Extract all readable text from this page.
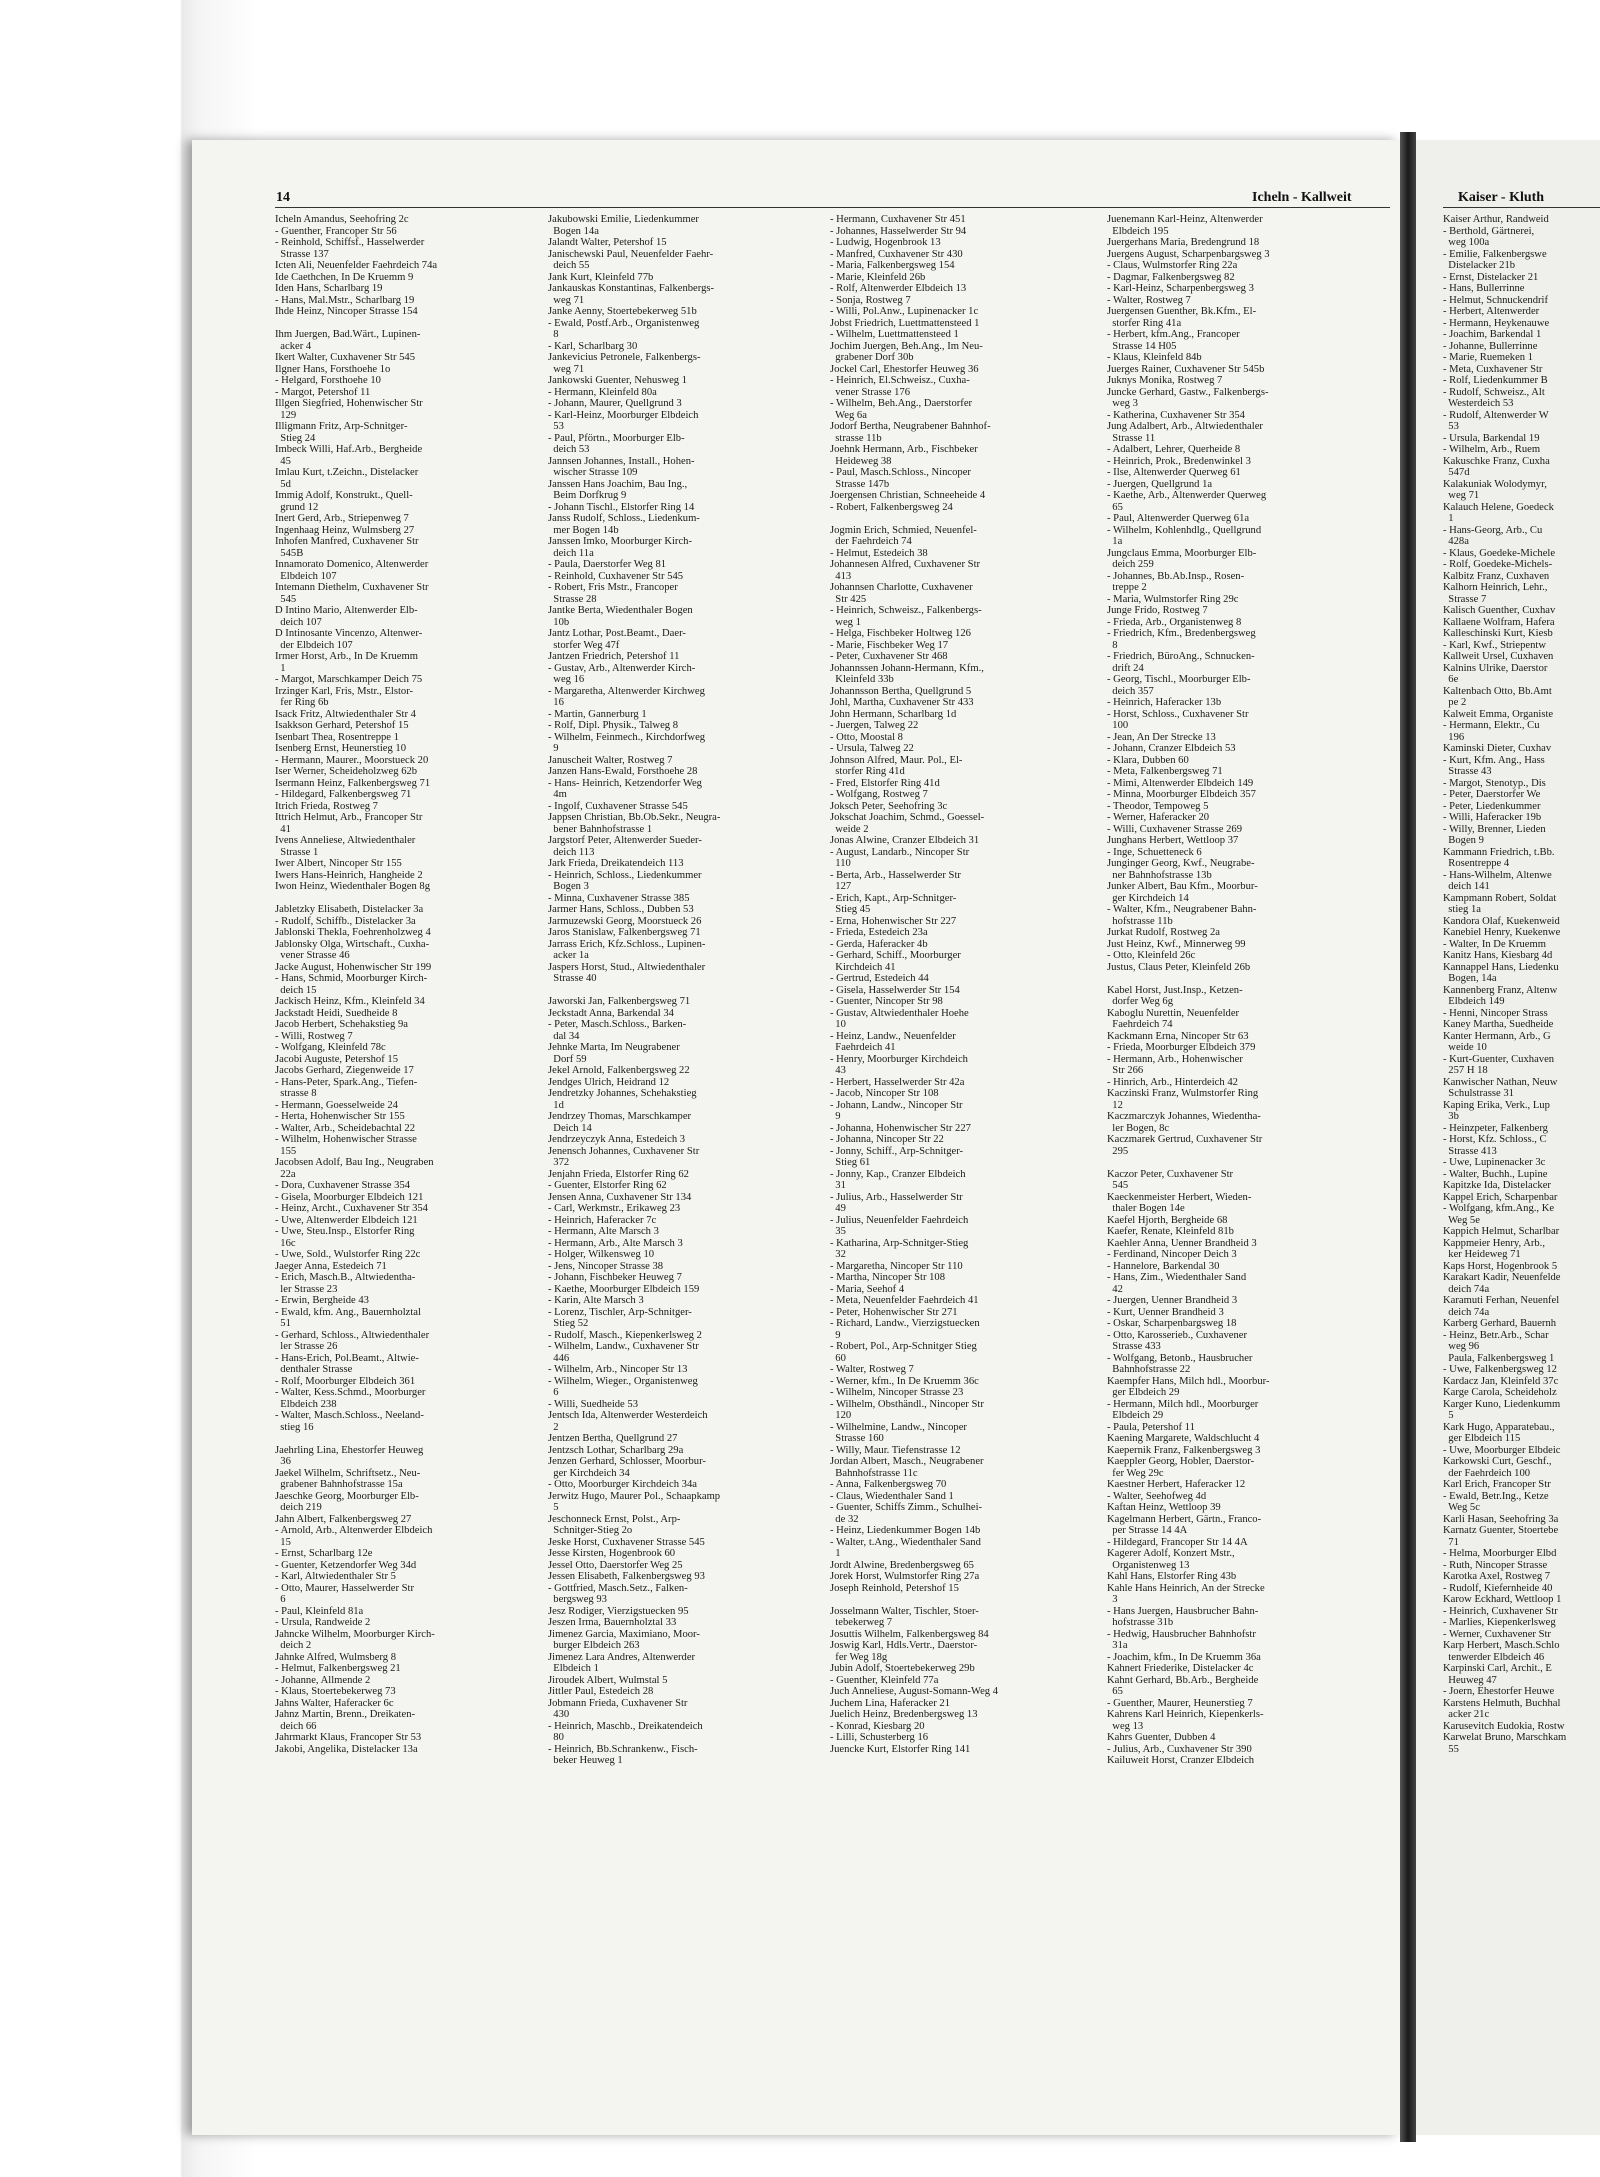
14	Icheln - Kallweit	Kaiser - Kluth
Icheln Amandus, Seehofring 2c
- Guenther, Francoper Str 56
- Reinhold, Schiffsf., Hasselwerder
Strasse 137
Icten Ali, Neuenfelder Faehrdeich 74a
Ide Caethchen, In De Kruemm 9
Iden Hans, Scharlbarg 19
- Hans, Mal.Mstr., Scharlbarg 19
Ihde Heinz, Nincoper Strasse 154
Ihm Juergen, Bad.Wärt., Lupinen-
acker 4
Ikert Walter, Cuxhavener Str 545
Ilgner Hans, Forsthoehe 1o
- Helgard, Forsthoehe 10
- Margot, Petershof 11
Illgen Siegfried, Hohenwischer Str
129
Illigmann Fritz, Arp-Schnitger-
Stieg 24
Imbeck Willi, Haf.Arb., Bergheide
45
Imlau Kurt, t.Zeichn., Distelacker
5d
Immig Adolf, Konstrukt., Quell-
grund 12
Inert Gerd, Arb., Striepenweg 7
Ingenhaag Heinz, Wulmsberg 27
Inhofen Manfred, Cuxhavener Str
545B
Innamorato Domenico, Altenwerder
Elbdeich 107
Intemann Diethelm, Cuxhavener Str
545
D Intino Mario, Altenwerder Elb-
deich 107
D Intinosante Vincenzo, Altenwer-
der Elbdeich 107
Irmer Horst, Arb., In De Kruemm
1
- Margot, Marschkamper Deich 75
Irzinger Karl, Fris, Mstr., Elstor-
fer Ring 6b
Isack Fritz, Altwiedenthaler Str 4
Isakkson Gerhard, Petershof 15
Isenbart Thea, Rosentreppe 1
Isenberg Ernst, Heunerstieg 10
- Hermann, Maurer., Moorstueck 20
Iser Werner, Scheideholzweg 62b
Isermann Heinz, Falkenbergsweg 71
- Hildegard, Falkenbergsweg 71
Itrich Frieda, Rostweg 7
Ittrich Helmut, Arb., Francoper Str
41
Ivens Anneliese, Altwiedenthaler
Strasse 1
Iwer Albert, Nincoper Str 155
Iwers Hans-Heinrich, Hangheide 2
Iwon Heinz, Wiedenthaler Bogen 8g
Jabletzky Elisabeth, Distelacker 3a
- Rudolf, Schiffb., Distelacker 3a
Jablonski Thekla, Foehrenholzweg 4
Jablonsky Olga, Wirtschaft., Cuxha-
vener Strasse 46
Jacke August, Hohenwischer Str 199
- Hans, Schmid, Moorburger Kirch-
deich 15
Jackisch Heinz, Kfm., Kleinfeld 34
Jackstadt Heidi, Suedheide 8
Jacob Herbert, Schehakstieg 9a
- Willi, Rostweg 7
- Wolfgang, Kleinfeld 78c
Jacobi Auguste, Petershof 15
Jacobs Gerhard, Ziegenweide 17
- Hans-Peter, Spark.Ang., Tiefen-
strasse 8
- Hermann, Goesselweide 24
- Herta, Hohenwischer Str 155
- Walter, Arb., Scheidebachtal 22
- Wilhelm, Hohenwischer Strasse
155
Jacobsen Adolf, Bau Ing., Neugraben
22a
- Dora, Cuxhavener Strasse 354
- Gisela, Moorburger Elbdeich 121
- Heinz, Archt., Cuxhavener Str 354
- Uwe, Altenwerder Elbdeich 121
- Uwe, Steu.Insp., Elstorfer Ring
16c
- Uwe, Sold., Wulstorfer Ring 22c
Jaeger Anna, Estedeich 71
- Erich, Masch.B., Altwiedentha-
ler Strasse 23
- Erwin, Bergheide 43
- Ewald, kfm. Ang., Bauernholztal
51
- Gerhard, Schloss., Altwiedenthaler
ler Strasse 26
- Hans-Erich, Pol.Beamt., Altwie-
denthaler Strasse
- Rolf, Moorburger Elbdeich 361
- Walter, Kess.Schmd., Moorburger
Elbdeich 238
- Walter, Masch.Schloss., Neeland-
stieg 16
Jaehrling Lina, Ehestorfer Heuweg
36
Jaekel Wilhelm, Schriftsetz., Neu-
grabener Bahnhofstrasse 15a
Jaeschke Georg, Moorburger Elb-
deich 219
Jahn Albert, Falkenbergsweg 27
- Arnold, Arb., Altenwerder Elbdeich
15
- Ernst, Scharlbarg 12e
- Guenter, Ketzendorfer Weg 34d
- Karl, Altwiedenthaler Str 5
- Otto, Maurer, Hasselwerder Str
6
- Paul, Kleinfeld 81a
- Ursula, Randweide 2
Jahncke Wilhelm, Moorburger Kirch-
deich 2
Jahnke Alfred, Wulmsberg 8
- Helmut, Falkenbergsweg 21
- Johanne, Allmende 2
- Klaus, Stoertebekerweg 73
Jahns Walter, Haferacker 6c
Jahnz Martin, Brenn., Dreikaten-
deich 66
Jahrmarkt Klaus, Francoper Str 53
Jakobi, Angelika, Distelacker 13a
Jakubowski Emilie, Liedenkummer
Bogen 14a
Jalandt Walter, Petershof 15
Janischewski Paul, Neuenfelder Faehr-
deich 55
Jank Kurt, Kleinfeld 77b
Jankauskas Konstantinas, Falkenbergs-
weg 71
Janke Aenny, Stoertebekerweg 51b
- Ewald, Postf.Arb., Organistenweg
8
- Karl, Scharlbarg 30
Jankevicius Petronele, Falkenbergs-
weg 71
Jankowski Guenter, Nehusweg 1
- Hermann, Kleinfeld 80a
- Johann, Maurer, Quellgrund 3
- Karl-Heinz, Moorburger Elbdeich
53
- Paul, Pförtn., Moorburger Elb-
deich 53
Jannsen Johannes, Install., Hohen-
wischer Strasse 109
Janssen Hans Joachim, Bau Ing.,
Beim Dorfkrug 9
- Johann Tischl., Elstorfer Ring 14
Janss Rudolf, Schloss., Liedenkum-
mer Bogen 14b
Janssen Imko, Moorburger Kirch-
deich 11a
- Paula, Daerstorfer Weg 81
- Reinhold, Cuxhavener Str 545
- Robert, Fris Mstr., Francoper
Strasse 28
Jantke Berta, Wiedenthaler Bogen
10b
Jantz Lothar, Post.Beamt., Daer-
storfer Weg 47f
Jantzen Friedrich, Petershof 11
- Gustav, Arb., Altenwerder Kirch-
weg 16
- Margaretha, Altenwerder Kirchweg
16
- Martin, Gannerburg 1
- Rolf, Dipl. Physik., Talweg 8
- Wilhelm, Feinmech., Kirchdorfweg
9
Januscheit Walter, Rostweg 7
Janzen Hans-Ewald, Forsthoehe 28
- Hans- Heinrich, Ketzendorfer Weg
4m
- Ingolf, Cuxhavener Strasse 545
Jappsen Christian, Bb.Ob.Sekr., Neugra-
bener Bahnhofstrasse 1
Jargstorf Peter, Altenwerder Sueder-
deich 113
Jark Frieda, Dreikatendeich 113
- Heinrich, Schloss., Liedenkummer
Bogen 3
- Minna, Cuxhavener Strasse 385
Jarmer Hans, Schloss., Dubben 53
Jarmuzewski Georg, Moorstueck 26
Jaros Stanislaw, Falkenbergsweg 71
Jarrass Erich, Kfz.Schloss., Lupinen-
acker 1a
Jaspers Horst, Stud., Altwiedenthaler
Strasse 40
Jaworski Jan, Falkenbergsweg 71
Jeckstadt Anna, Barkendal 34
- Peter, Masch.Schloss., Barken-
dal 34
Jehnke Marta, Im Neugrabener
Dorf 59
Jekel Arnold, Falkenbergsweg 22
Jendges Ulrich, Heidrand 12
Jendretzky Johannes, Schehakstieg
1d
Jendrzey Thomas, Marschkamper
Deich 14
Jendrzeyczyk Anna, Estedeich 3
Jenensch Johannes, Cuxhavener Str
372
Jenjahn Frieda, Elstorfer Ring 62
- Guenter, Elstorfer Ring 62
Jensen Anna, Cuxhavener Str 134
- Carl, Werkmstr., Erikaweg 23
- Heinrich, Haferacker 7c
- Hermann, Alte Marsch 3
- Hermann, Arb., Alte Marsch 3
- Holger, Wilkensweg 10
- Jens, Nincoper Strasse 38
- Johann, Fischbeker Heuweg 7
- Kaethe, Moorburger Elbdeich 159
- Karin, Alte Marsch 3
- Lorenz, Tischler, Arp-Schnitger-
Stieg 52
- Rudolf, Masch., Kiepenkerlsweg 2
- Wilhelm, Landw., Cuxhavener Str
446
- Wilhelm, Arb., Nincoper Str 13
- Wilhelm, Wieger., Organistenweg
6
- Willi, Suedheide 53
Jentsch Ida, Altenwerder Westerdeich
2
Jentzen Bertha, Quellgrund 27
Jentzsch Lothar, Scharlbarg 29a
Jenzen Gerhard, Schlosser, Moorbur-
ger Kirchdeich 34
- Otto, Moorburger Kirchdeich 34a
Jerwitz Hugo, Maurer Pol., Schaapkamp
5
Jeschonneck Ernst, Polst., Arp-
Schnitger-Stieg 2o
Jeske Horst, Cuxhavener Strasse 545
Jesse Kirsten, Hogenbrook 60
Jessel Otto, Daerstorfer Weg 25
Jessen Elisabeth, Falkenbergsweg 93
- Gottfried, Masch.Setz., Falken-
bergsweg 93
Jesz Rodiger, Vierzigstuecken 95
Jeszen Irma, Bauernholztal 33
Jimenez Garcia, Maximiano, Moor-
burger Elbdeich 263
Jimenez Lara Andres, Altenwerder
Elbdeich 1
Jiroudek Albert, Wulmstal 5
Jittler Paul, Estedeich 28
Jobmann Frieda, Cuxhavener Str
430
- Heinrich, Maschb., Dreikatendeich
80
- Heinrich, Bb.Schrankenw., Fisch-
beker Heuweg 1
- Hermann, Cuxhavener Str 451
- Johannes, Hasselwerder Str 94
- Ludwig, Hogenbrook 13
- Manfred, Cuxhavener Str 430
- Maria, Falkenbergsweg 154
- Marie, Kleinfeld 26b
- Rolf, Altenwerder Elbdeich 13
- Sonja, Rostweg 7
- Willi, Pol.Anw., Lupinenacker 1c
Jobst Friedrich, Luettmattensteed 1
- Wilhelm, Luettmattensteed 1
Jochim Juergen, Beh.Ang., Im Neu-
grabener Dorf 30b
Jockel Carl, Ehestorfer Heuweg 36
- Heinrich, El.Schweisz., Cuxha-
vener Strasse 176
- Wilhelm, Beh.Ang., Daerstorfer
Weg 6a
Jodorf Bertha, Neugrabener Bahnhof-
strasse 11b
Joehnk Hermann, Arb., Fischbeker
Heideweg 38
- Paul, Masch.Schloss., Nincoper
Strasse 147b
Joergensen Christian, Schneeheide 4
- Robert, Falkenbergsweg 24
Jogmin Erich, Schmied, Neuenfel-
der Faehrdeich 74
- Helmut, Estedeich 38
Johannesen Alfred, Cuxhavener Str
413
Johannsen Charlotte, Cuxhavener
Str 425
- Heinrich, Schweisz., Falkenbergs-
weg 1
- Helga, Fischbeker Holtweg 126
- Marie, Fischbeker Weg 17
- Peter, Cuxhavener Str 468
Johannssen Johann-Hermann, Kfm.,
Kleinfeld 33b
Johannsson Bertha, Quellgrund 5
Johl, Martha, Cuxhavener Str 433
John Hermann, Scharlbarg 1d
- Juergen, Talweg 22
- Otto, Moostal 8
- Ursula, Talweg 22
Johnson Alfred, Maur. Pol., El-
storfer Ring 41d
- Fred, Elstorfer Ring 41d
- Wolfgang, Rostweg 7
Joksch Peter, Seehofring 3c
Jokschat Joachim, Schmd., Goessel-
weide 2
Jonas Alwine, Cranzer Elbdeich 31
- August, Landarb., Nincoper Str
110
- Berta, Arb., Hasselwerder Str
127
- Erich, Kapt., Arp-Schnitger-
Stieg 45
- Erna, Hohenwischer Str 227
- Frieda, Estedeich 23a
- Gerda, Haferacker 4b
- Gerhard, Schiff., Moorburger
Kirchdeich 41
- Gertrud, Estedeich 44
- Gisela, Hasselwerder Str 154
- Guenter, Nincoper Str 98
- Gustav, Altwiedenthaler Hoehe
10
- Heinz, Landw., Neuenfelder
Faehrdeich 41
- Henry, Moorburger Kirchdeich
43
- Herbert, Hasselwerder Str 42a
- Jacob, Nincoper Str 108
- Johann, Landw., Nincoper Str
9
- Johanna, Hohenwischer Str 227
- Johanna, Nincoper Str 22
- Jonny, Schiff., Arp-Schnitger-
Stieg 61
- Jonny, Kap., Cranzer Elbdeich
31
- Julius, Arb., Hasselwerder Str
49
- Julius, Neuenfelder Faehrdeich
35
- Katharina, Arp-Schnitger-Stieg
32
- Margaretha, Nincoper Str 110
- Martha, Nincoper Str 108
- Maria, Seehof 4
- Meta, Neuenfelder Faehrdeich 41
- Peter, Hohenwischer Str 271
- Richard, Landw., Vierzigstuecken
9
- Robert, Pol., Arp-Schnitger Stieg
60
- Walter, Rostweg 7
- Werner, kfm., In De Kruemm 36c
- Wilhelm, Nincoper Strasse 23
- Wilhelm, Obsthändl., Nincoper Str
120
- Wilhelmine, Landw., Nincoper
Strasse 160
- Willy, Maur. Tiefenstrasse 12
Jordan Albert, Masch., Neugrabener
Bahnhofstrasse 11c
- Anna, Falkenbergsweg 70
- Claus, Wiedenthaler Sand 1
- Guenter, Schiffs Zimm., Schulhei-
de 32
- Heinz, Liedenkummer Bogen 14b
- Walter, t.Ang., Wiedenthaler Sand
1
Jordt Alwine, Bredenbergsweg 65
Jorek Horst, Wulmstorfer Ring 27a
Joseph Reinhold, Petershof 15
Josselmann Walter, Tischler, Stoer-
tebekerweg 7
Josuttis Wilhelm, Falkenbergsweg 84
Joswig Karl, Hdls.Vertr., Daerstor-
fer Weg 18g
Jubin Adolf, Stoertebekerweg 29b
- Guenther, Kleinfeld 77a
Juch Anneliese, August-Somann-Weg 4
Juchem Lina, Haferacker 21
Juelich Heinz, Bredenbergsweg 13
- Konrad, Kiesbarg 20
- Lilli, Schusterberg 16
Juencke Kurt, Elstorfer Ring 141
Juenemann Karl-Heinz, Altenwerder
Elbdeich 195
Juergerhans Maria, Bredengrund 18
Juergens August, Scharpenbargsweg 3
- Claus, Wulmstorfer Ring 22a
- Dagmar, Falkenbergsweg 82
- Karl-Heinz, Scharpenbergsweg 3
- Walter, Rostweg 7
Juergensen Guenther, Bk.Kfm., El-
storfer Ring 41a
- Herbert, kfm.Ang., Francoper
Strasse 14 H05
- Klaus, Kleinfeld 84b
Juerges Rainer, Cuxhavener Str 545b
Juknys Monika, Rostweg 7
Juncke Gerhard, Gastw., Falkenbergs-
weg 3
- Katherina, Cuxhavener Str 354
Jung Adalbert, Arb., Altwiedenthaler
Strasse 11
- Adalbert, Lehrer, Querheide 8
- Heinrich, Prok., Bredenwinkel 3
- Ilse, Altenwerder Querweg 61
- Juergen, Quellgrund 1a
- Kaethe, Arb., Altenwerder Querweg
65
- Paul, Altenwerder Querweg 61a
- Wilhelm, Kohlenhdlg., Quellgrund
1a
Jungclaus Emma, Moorburger Elb-
deich 259
- Johannes, Bb.Ab.Insp., Rosen-
treppe 2
- Maria, Wulmstorfer Ring 29c
Junge Frido, Rostweg 7
- Frieda, Arb., Organistenweg 8
- Friedrich, Kfm., Bredenbergsweg
8
- Friedrich, BüroAng., Schnucken-
drift 24
- Georg, Tischl., Moorburger Elb-
deich 357
- Heinrich, Haferacker 13b
- Horst, Schloss., Cuxhavener Str
100
- Jean, An Der Strecke 13
- Johann, Cranzer Elbdeich 53
- Klara, Dubben 60
- Meta, Falkenbergsweg 71
- Mimi, Altenwerder Elbdeich 149
- Minna, Moorburger Elbdeich 357
- Theodor, Tempoweg 5
- Werner, Haferacker 20
- Willi, Cuxhavener Strasse 269
Junghans Herbert, Wettloop 37
- Inge, Schuetteneck 6
Junginger Georg, Kwf., Neugrabe-
ner Bahnhofstrasse 13b
Junker Albert, Bau Kfm., Moorbur-
ger Kirchdeich 14
- Walter, Kfm., Neugrabener Bahn-
hofstrasse 11b
Jurkat Rudolf, Rostweg 2a
Just Heinz, Kwf., Minnerweg 99
- Otto, Kleinfeld 26c
Justus, Claus Peter, Kleinfeld 26b
Kabel Horst, Just.Insp., Ketzen-
dorfer Weg 6g
Kaboglu Nurettin, Neuenfelder
Faehrdeich 74
Kackmann Erna, Nincoper Str 63
- Frieda, Moorburger Elbdeich 379
- Hermann, Arb., Hohenwischer
Str 266
- Hinrich, Arb., Hinterdeich 42
Kaczinski Franz, Wulmstorfer Ring
12
Kaczmarczyk Johannes, Wiedentha-
ler Bogen, 8c
Kaczmarek Gertrud, Cuxhavener Str
295
Kaczor Peter, Cuxhavener Str
545
Kaeckenmeister Herbert, Wieden-
thaler Bogen 14e
Kaefel Hjorth, Bergheide 68
Kaefer, Renate, Kleinfeld 81b
Kaehler Anna, Uenner Brandheid 3
- Ferdinand, Nincoper Deich 3
- Hannelore, Barkendal 30
- Hans, Zim., Wiedenthaler Sand
42
- Juergen, Uenner Brandheid 3
- Kurt, Uenner Brandheid 3
- Oskar, Scharpenbargsweg 18
- Otto, Karosserieb., Cuxhavener
Strasse 433
- Wolfgang, Betonb., Hausbrucher
Bahnhofstrasse 22
Kaempfer Hans, Milch hdl., Moorbur-
ger Elbdeich 29
- Hermann, Milch hdl., Moorburger
Elbdeich 29
- Paula, Petershof 11
Kaening Margarete, Waldschlucht 4
Kaepernik Franz, Falkenbergsweg 3
Kaeppler Georg, Hobler, Daerstor-
fer Weg 29c
Kaestner Herbert, Haferacker 12
- Walter, Seehofweg 4d
Kaftan Heinz, Wettloop 39
Kagelmann Herbert, Gärtn., Franco-
per Strasse 14 4A
- Hildegard, Francoper Str 14 4A
Kagerer Adolf, Konzert Mstr.,
Organistenweg 13
Kahl Hans, Elstorfer Ring 43b
Kahle Hans Heinrich, An der Strecke
3
- Hans Juergen, Hausbrucher Bahn-
hofstrasse 31b
- Hedwig, Hausbrucher Bahnhofstr
31a
- Joachim, kfm., In De Kruemm 36a
Kahnert Friederike, Distelacker 4c
Kahnt Gerhard, Bb.Arb., Bergheide
65
- Guenther, Maurer, Heunerstieg 7
Kahrens Karl Heinrich, Kiepenkerls-
weg 13
Kahrs Guenter, Dubben 4
- Julius, Arb., Cuxhavener Str 390
Kailuweit Horst, Cranzer Elbdeich
Kaiser Arthur, Randweid
- Berthold, Gärtnerei,
weg 100a
- Emilie, Falkenbergswe
Distelacker 21b
- Ernst, Distelacker 21
- Hans, Bullerrinne
- Helmut, Schnuckendrif
- Herbert, Altenwerder
- Hermann, Heykenauwe
- Joachim, Barkendal 1
- Johanne, Bullerrinne
- Marie, Ruemeken 1
- Meta, Cuxhavener Str
- Rolf, Liedenkummer B
- Rudolf, Schweisz., Alt
Westerdeich 53
- Rudolf, Altenwerder W
53
- Ursula, Barkendal 19
- Wilhelm, Arb., Ruem
Kakuschke Franz, Cuxha
547d
Kalakuniak Wolodymyr,
weg 71
Kalauch Helene, Goedeck
1
- Hans-Georg, Arb., Cu
428a
- Klaus, Goedeke-Michele
- Rolf, Goedeke-Michels-
Kalbitz Franz, Cuxhaven
Kalhorn Heinrich, Lehr.,
Strasse 7
Kalisch Guenther, Cuxhav
Kallaene Wolfram, Hafera
Kalleschinski Kurt, Kiesb
- Karl, Kwf., Striepentw
Kallweit Ursel, Cuxhaven
Kalnins Ulrike, Daerstor
6e
Kaltenbach Otto, Bb.Amt
pe 2
Kalweit Emma, Organiste
- Hermann, Elektr., Cu
196
Kaminski Dieter, Cuxhav
- Kurt, Kfm. Ang., Hass
Strasse 43
- Margot, Stenotyp., Dis
- Peter, Daerstorfer We
- Peter, Liedenkummer
- Willi, Haferacker 19b
- Willy, Brenner, Lieden
Bogen 9
Kammann Friedrich, t.Bb.
Rosentreppe 4
- Hans-Wilhelm, Altenwe
deich 141
Kampmann Robert, Soldat
stieg 1a
Kandora Olaf, Kuekenweid
Kanebiel Henry, Kuekenwe
- Walter, In De Kruemm
Kanitz Hans, Kiesbarg 4d
Kannappel Hans, Liedenku
Bogen, 14a
Kannenberg Franz, Altenw
Elbdeich 149
- Henni, Nincoper Strass
Kaney Martha, Suedheide
Kanter Hermann, Arb., G
weide 10
- Kurt-Guenter, Cuxhaven
257 H 18
Kanwischer Nathan, Neuw
Schulstrasse 31
Kaping Erika, Verk., Lup
3b
- Heinzpeter, Falkenberg
- Horst, Kfz. Schloss., C
Strasse 413
- Uwe, Lupinenacker 3c
- Walter, Buchh., Lupine
Kapitzke Ida, Distelacker
Kappel Erich, Scharpenbar
- Wolfgang, kfm.Ang., Ke
Weg 5e
Kappich Helmut, Scharlbar
Kappmeier Henry, Arb.,
ker Heideweg 71
Kaps Horst, Hogenbrook 5
Karakart Kadir, Neuenfelde
deich 74a
Karamuti Ferhan, Neuenfel
deich 74a
Karberg Gerhard, Bauernh
- Heinz, Betr.Arb., Schar
weg 96
Paula, Falkenbergsweg 1
- Uwe, Falkenbergsweg 12
Kardacz Jan, Kleinfeld 37c
Karge Carola, Scheideholz
Karger Kuno, Liedenkumm
5
Kark Hugo, Apparatebau.,
ger Elbdeich 115
- Uwe, Moorburger Elbdeic
Karkowski Curt, Geschf.,
der Faehrdeich 100
Karl Erich, Francoper Str
- Ewald, Betr.Ing., Ketze
Weg 5c
Karli Hasan, Seehofring 3a
Karnatz Guenter, Stoertebe
71
- Helma, Moorburger Elbd
- Ruth, Nincoper Strasse
Karotka Axel, Rostweg 7
- Rudolf, Kiefernheide 40
Karow Eckhard, Wettloop 1
- Heinrich, Cuxhavener Str
- Marlies, Kiepenkerlsweg
- Werner, Cuxhavener Str
Karp Herbert, Masch.Schlo
tenwerder Elbdeich 46
Karpinski Carl, Archit., E
Heuweg 47
- Joern, Ehestorfer Heuwe
Karstens Helmuth, Buchhal
acker 21c
Karusevitch Eudokia, Rostw
Karwelat Bruno, Marschkam
55
